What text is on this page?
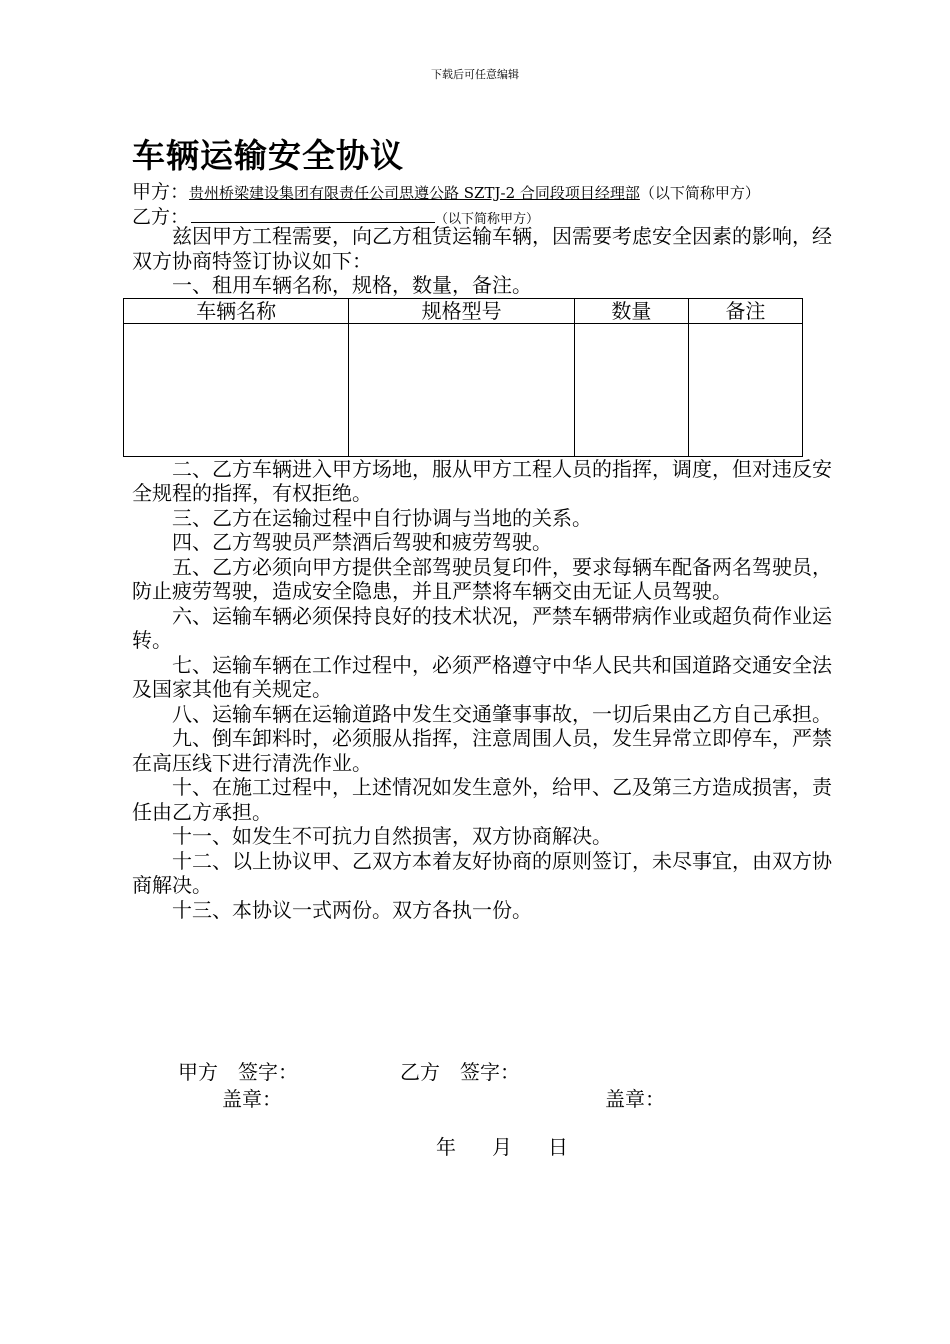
下载后可任意编辑
车辆运输安全协议
甲方：贵州桥梁建设集团有限责任公司思遵公路 SZTJ-2 合同段项目经理部（以下简称甲方）
乙方：	（以下简称甲方）

兹因甲方工程需要，向乙方租赁运输车辆，因需要考虑安全因素的影响，经双方协商特签订协议如下：

一、租用车辆名称，规格，数量，备注。

车辆名称	规格型号	数量	备注

二、乙方车辆进入甲方场地，服从甲方工程人员的指挥，调度，但对违反安全规程的指挥，有权拒绝。

三、乙方在运输过程中自行协调与当地的关系。

四、乙方驾驶员严禁酒后驾驶和疲劳驾驶。

五、乙方必须向甲方提供全部驾驶员复印件，要求每辆车配备两名驾驶员，防止疲劳驾驶，造成安全隐患，并且严禁将车辆交由无证人员驾驶。

六、运输车辆必须保持良好的技术状况，严禁车辆带病作业或超负荷作业运转。

七、运输车辆在工作过程中，必须严格遵守中华人民共和国道路交通安全法及国家其他有关规定。

八、运输车辆在运输道路中发生交通肇事事故，一切后果由乙方自己承担。

九、倒车卸料时，必须服从指挥，注意周围人员，发生异常立即停车，严禁在高压线下进行清洗作业。

十、在施工过程中，上述情况如发生意外，给甲、乙及第三方造成损害，责任由乙方承担。

十一、如发生不可抗力自然损害，双方协商解决。

十二、以上协议甲、乙双方本着友好协商的原则签订，未尽事宜，由双方协商解决。

十三、本协议一式两份。双方各执一份。

甲方　签字：	乙方　签字：
盖章：	盖章：
年 月 日
